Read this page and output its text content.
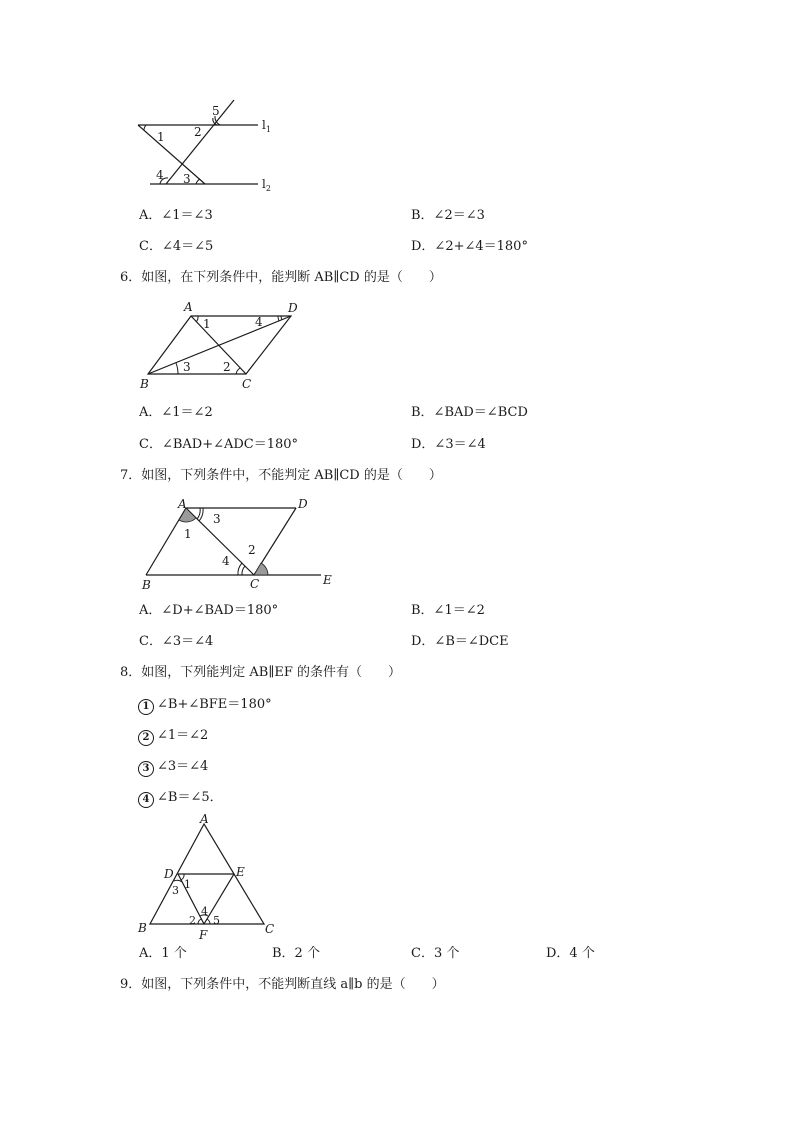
5
2
1
4 3
$l_1$
$l_2$
A．∠1＝∠3	B．∠2＝∠3
C．∠4＝∠5	D．∠2+∠4＝180°
6．如图，在下列条件中，能判断 AB∥CD 的是（　　）
A	D
B	C
1	4
3	2
A．∠1＝∠2	B．∠BAD＝∠BCD
C．∠BAD+∠ADC＝180°	D．∠3＝∠4
7．如图，下列条件中，不能判定 AB∥CD 的是（　　）
A	D
B	C	E
3
1
4
2
A．∠D+∠BAD＝180°	B．∠1＝∠2
C．∠3＝∠4	D．∠B＝∠DCE
8．如图，下列能判定 AB∥EF 的条件有（　　）
1 ∠B+∠BFE＝180°
2 ∠1＝∠2
3 ∠3＝∠4
4 ∠B＝∠5．
A
D	E
B	C
F
1
3
4
2 5
A．1 个	B．2 个	C．3 个	D．4 个
9．如图，下列条件中，不能判断直线 a∥b 的是（　　）
